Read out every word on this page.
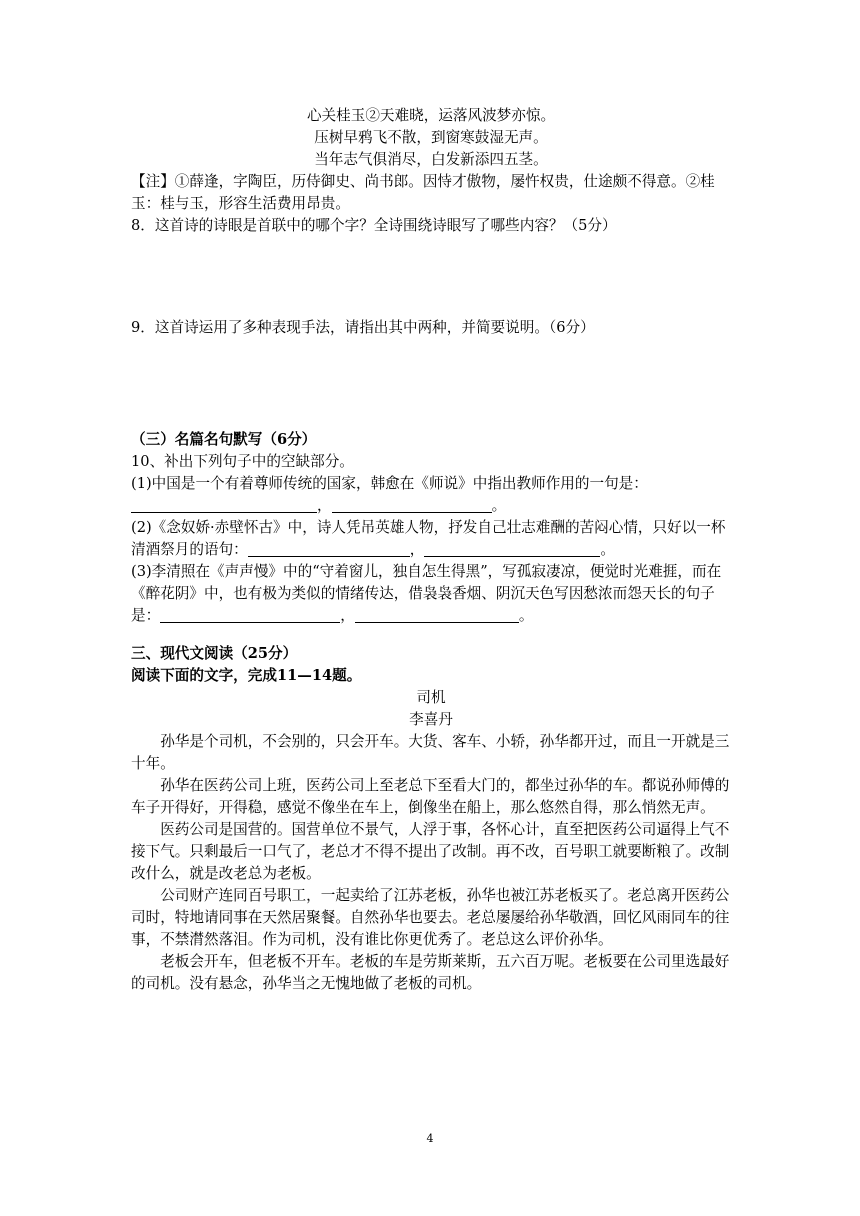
心关桂玉②天难晓，运落风波梦亦惊。

压树早鸦飞不散，到窗寒鼓湿无声。

当年志气俱消尽，白发新添四五茎。

【注】①薛逢，字陶臣，历侍御史、尚书郎。因恃才傲物，屡忤权贵，仕途颇不得意。②桂玉：桂与玉，形容生活费用昂贵。

8．这首诗的诗眼是首联中的哪个字？全诗围绕诗眼写了哪些内容？（5分）

9．这首诗运用了多种表现手法，请指出其中两种，并简要说明。（6分）

（三）名篇名句默写（6分）

10、补出下列句子中的空缺部分。

(1)中国是一个有着尊师传统的国家，韩愈在《师说》中指出教师作用的一句是：，	。

(2)《念奴娇·赤壁怀古》中，诗人凭吊英雄人物，抒发自己壮志难酬的苦闷心情，只好以一杯清酒祭月的语句：	，	。

(3)李清照在《声声慢》中的“守着窗儿，独自怎生得黑”，写孤寂凄凉，便觉时光难捱，而在《醉花阴》中，也有极为类似的情绪传达，借袅袅香烟、阴沉天色写因愁浓而怨天长的句子是：	，	。

三、现代文阅读（25分）

阅读下面的文字，完成11—14题。

司机

李喜丹

孙华是个司机，不会别的，只会开车。大货、客车、小轿，孙华都开过，而且一开就是三十年。

孙华在医药公司上班，医药公司上至老总下至看大门的，都坐过孙华的车。都说孙师傅的车子开得好，开得稳，感觉不像坐在车上，倒像坐在船上，那么悠然自得，那么悄然无声。

医药公司是国营的。国营单位不景气，人浮于事，各怀心计，直至把医药公司逼得上气不接下气。只剩最后一口气了，老总才不得不提出了改制。再不改，百号职工就要断粮了。改制改什么，就是改老总为老板。

公司财产连同百号职工，一起卖给了江苏老板，孙华也被江苏老板买了。老总离开医药公司时，特地请同事在天然居聚餐。自然孙华也要去。老总屡屡给孙华敬酒，回忆风雨同车的往事，不禁潸然落泪。作为司机，没有谁比你更优秀了。老总这么评价孙华。

老板会开车，但老板不开车。老板的车是劳斯莱斯，五六百万呢。老板要在公司里选最好的司机。没有悬念，孙华当之无愧地做了老板的司机。

4
